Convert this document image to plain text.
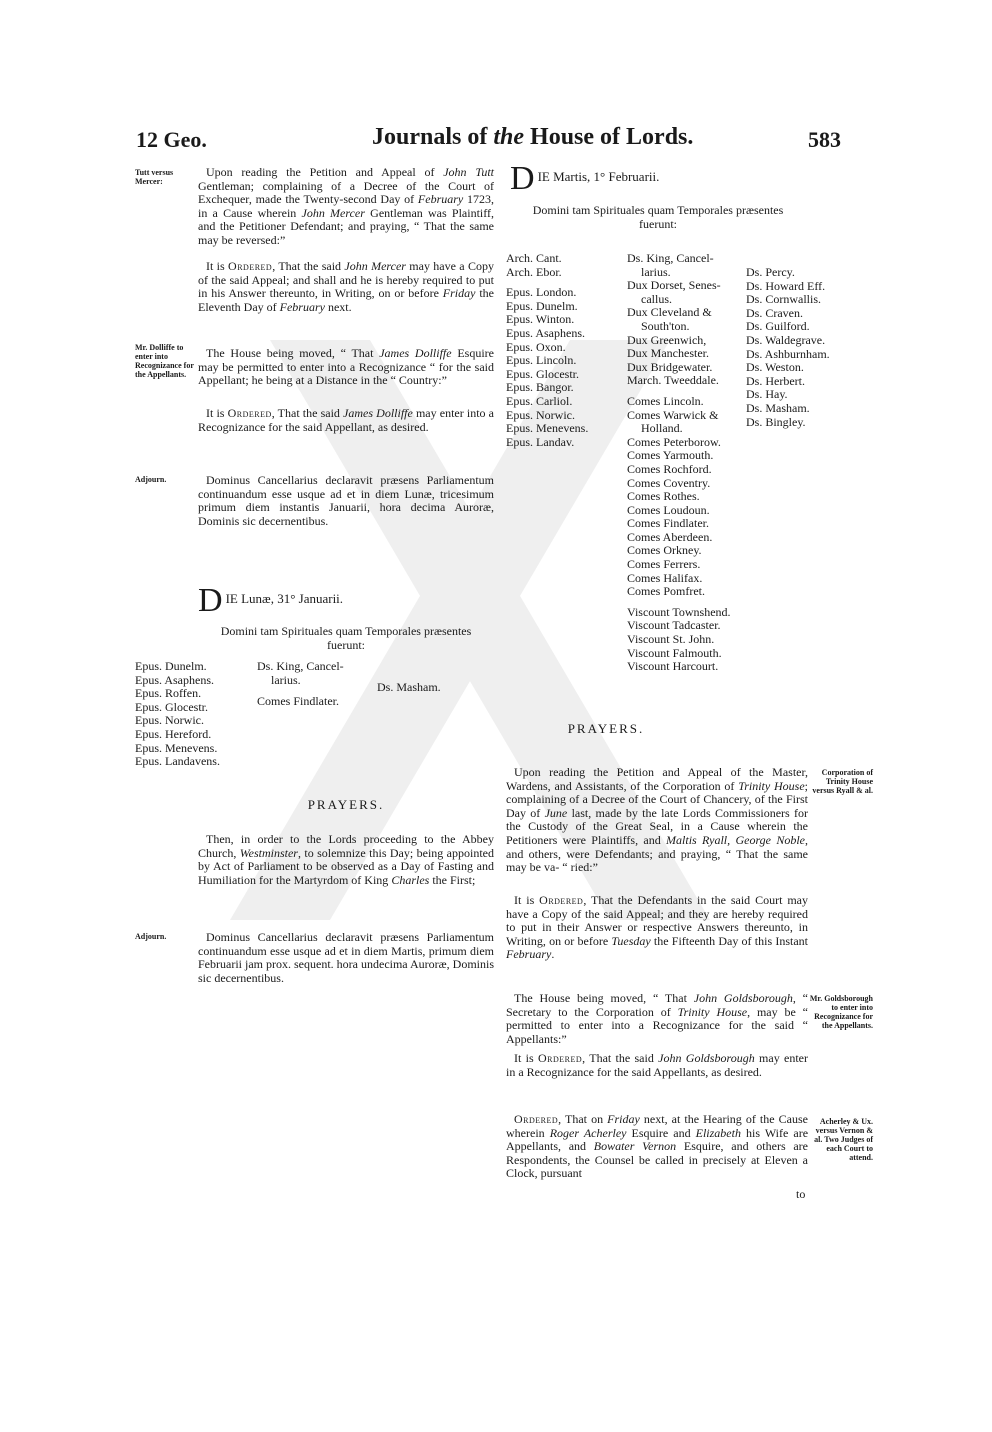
12 Geo.	Journals of the House of Lords.	583
Tutt versus Mercer:
Upon reading the Petition and Appeal of John Tutt Gentleman; complaining of a Decree of the Court of Exchequer, made the Twenty-second Day of February 1723, in a Cause wherein John Mercer Gentleman was Plaintiff, and the Petitioner Defendant; and praying, “ That the same may be reversed:”
It is Ordered, That the said John Mercer may have a Copy of the said Appeal; and shall and he is hereby required to put in his Answer thereunto, in Writing, on or before Friday the Eleventh Day of February next.
Mr. Dolliffe to enter into Recognizance for the Appellants.
The House being moved, “ That James Dolliffe Esquire may be permitted to enter into a Recognizance “ for the said Appellant; he being at a Distance in the “ Country:”
It is Ordered, That the said James Dolliffe may enter into a Recognizance for the said Appellant, as desired.
Adjourn.	Dominus Cancellarius declaravit præsens Parliamentum continuandum esse usque ad et in diem Lunæ, tricesimum primum diem instantis Januarii, hora decima Auroræ, Dominis sic decernentibus.
D IE Lunæ, 31° Januarii.
Domini tam Spirituales quam Temporales præsentes
fuerunt:
Epus. Dunelm.
Epus. Asaphens.
Epus. Roffen.
Epus. Glocestr.
Epus. Norwic.
Epus. Hereford.
Epus. Menevens.
Epus. Landavens.
Ds. King, Cancel-
larius.
Comes Findlater.
Ds. Masham.
PRAYERS.
Then, in order to the Lords proceeding to the Abbey Church, Westminster, to solemnize this Day; being appointed by Act of Parliament to be observed as a Day of Fasting and Humiliation for the Martyrdom of King Charles the First;
Adjourn.	Dominus Cancellarius declaravit præsens Parliamentum continuandum esse usque ad et in diem Martis, primum diem Februarii jam prox. sequent. hora undecima Auroræ, Dominis sic decernentibus.
D IE Martis, 1° Februarii.
Domini tam Spirituales quam Temporales præsentes
fuerunt:
Arch. Cant.
Arch. Ebor.
Epus. London.
Epus. Dunelm.
Epus. Winton.
Epus. Asaphens.
Epus. Oxon.
Epus. Lincoln.
Epus. Glocestr.
Epus. Bangor.
Epus. Carliol.
Epus. Norwic.
Epus. Menevens.
Epus. Landav.
Ds. King, Cancel-
larius.
Dux Dorset, Senes-
callus.
Dux Cleveland &
South'ton.
Dux Greenwich,
Dux Manchester.
Dux Bridgewater.
March. Tweeddale.
Comes Lincoln.
Comes Warwick &
Holland.
Comes Peterborow.
Comes Yarmouth.
Comes Rochford.
Comes Coventry.
Comes Rothes.
Comes Loudoun.
Comes Findlater.
Comes Aberdeen.
Comes Orkney.
Comes Ferrers.
Comes Halifax.
Comes Pomfret.
Viscount Townshend.
Viscount Tadcaster.
Viscount St. John.
Viscount Falmouth.
Viscount Harcourt.
Ds. Percy.
Ds. Howard Eff.
Ds. Cornwallis.
Ds. Craven.
Ds. Guilford.
Ds. Waldegrave.
Ds. Ashburnham.
Ds. Weston.
Ds. Herbert.
Ds. Hay.
Ds. Masham.
Ds. Bingley.
PRAYERS.
Corporation of Trinity House versus Ryall & al.
Upon reading the Petition and Appeal of the Master, Wardens, and Assistants, of the Corporation of Trinity House; complaining of a Decree of the Court of Chancery, of the First Day of June last, made by the late Lords Commissioners for the Custody of the Great Seal, in a Cause wherein the Petitioners were Plaintiffs, and Maltis Ryall, George Noble, and others, were Defendants; and praying, “ That the same may be va- “ ried:”
It is Ordered, That the Defendants in the said Court may have a Copy of the said Appeal; and they are hereby required to put in their Answer or respective Answers thereunto, in Writing, on or before Tuesday the Fifteenth Day of this Instant February.
Mr. Goldsborough to enter into Recognizance for the Appellants.
The House being moved, “ That John Goldsborough, “ Secretary to the Corporation of Trinity House, may be “ permitted to enter into a Recognizance for the said “ Appellants:”
It is Ordered, That the said John Goldsborough may enter in a Recognizance for the said Appellants, as desired.
Acherley & Ux. versus Vernon & al. Two Judges of each Court to attend.
Ordered, That on Friday next, at the Hearing of the Cause wherein Roger Acherley Esquire and Elizabeth his Wife are Appellants, and Bowater Vernon Esquire, and others are Respondents, the Counsel be called in precisely at Eleven a Clock, pursuant
to
